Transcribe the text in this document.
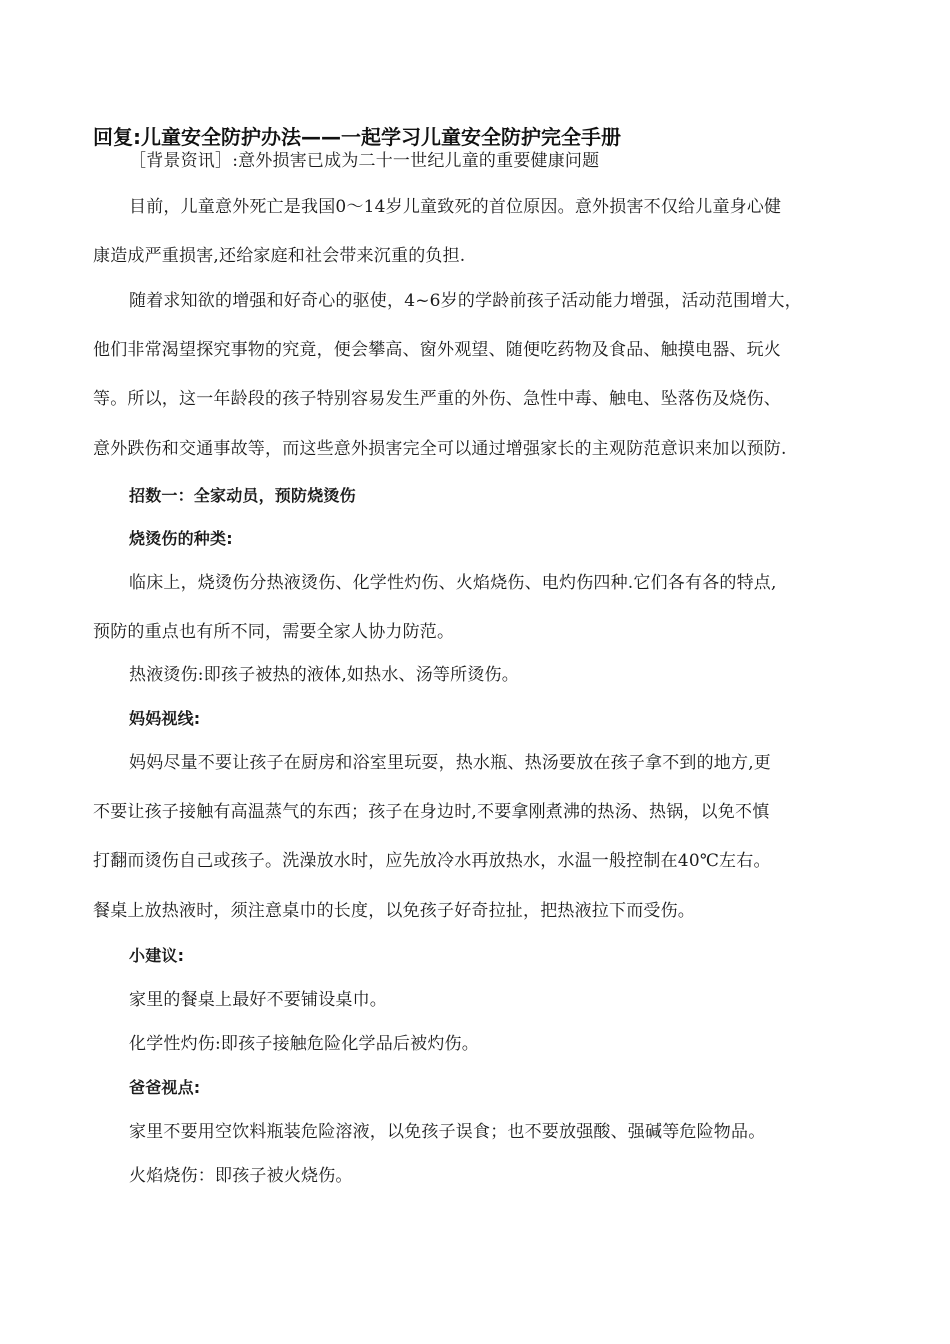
回复:儿童安全防护办法——一起学习儿童安全防护完全手册
［背景资讯］:意外损害已成为二十一世纪儿童的重要健康问题
目前，儿童意外死亡是我国0～14岁儿童致死的首位原因。意外损害不仅给儿童身心健
康造成严重损害,还给家庭和社会带来沉重的负担.
随着求知欲的增强和好奇心的驱使，4~6岁的学龄前孩子活动能力增强，活动范围增大，
他们非常渴望探究事物的究竟，便会攀高、窗外观望、随便吃药物及食品、触摸电器、玩火
等。所以，这一年龄段的孩子特别容易发生严重的外伤、急性中毒、触电、坠落伤及烧伤、
意外跌伤和交通事故等，而这些意外损害完全可以通过增强家长的主观防范意识来加以预防.
招数一：全家动员，预防烧烫伤
烧烫伤的种类:
临床上，烧烫伤分热液烫伤、化学性灼伤、火焰烧伤、电灼伤四种.它们各有各的特点,
预防的重点也有所不同，需要全家人协力防范。
热液烫伤:即孩子被热的液体,如热水、汤等所烫伤。
妈妈视线:
妈妈尽量不要让孩子在厨房和浴室里玩耍，热水瓶、热汤要放在孩子拿不到的地方,更
不要让孩子接触有高温蒸气的东西；孩子在身边时,不要拿刚煮沸的热汤、热锅，以免不慎
打翻而烫伤自己或孩子。洗澡放水时，应先放冷水再放热水，水温一般控制在40℃左右。
餐桌上放热液时，须注意桌巾的长度，以免孩子好奇拉扯，把热液拉下而受伤。
小建议:
家里的餐桌上最好不要铺设桌巾。
化学性灼伤:即孩子接触危险化学品后被灼伤。
爸爸视点:
家里不要用空饮料瓶装危险溶液，以免孩子误食；也不要放强酸、强碱等危险物品。
火焰烧伤：即孩子被火烧伤。
